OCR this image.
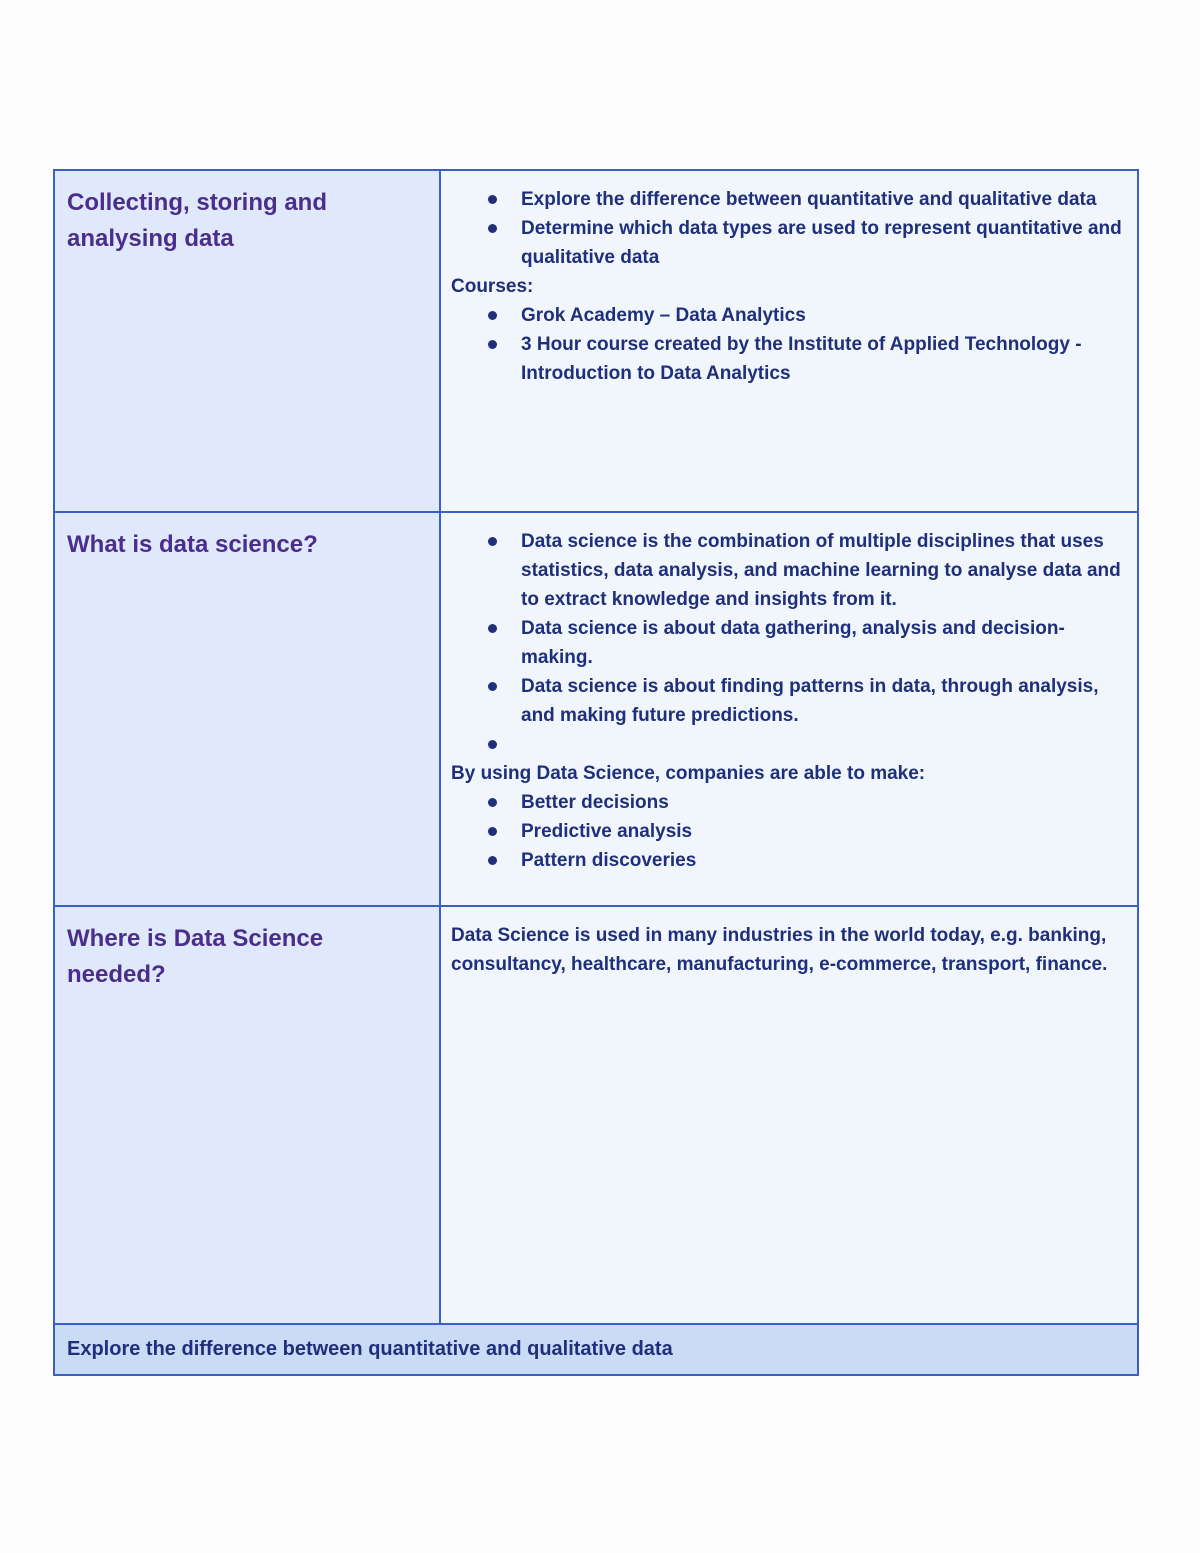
Collecting, storing and analysing data
Explore the difference between quantitative and qualitative data
Determine which data types are used to represent quantitative and qualitative data
Courses:
Grok Academy – Data Analytics
3 Hour course created by the Institute of Applied Technology - Introduction to Data Analytics
What is data science?	Data science is the combination of multiple disciplines that uses statistics, data analysis, and machine learning to analyse data and to extract knowledge and insights from it.
Data science is about data gathering, analysis and decision-making.
Data science is about finding patterns in data, through analysis, and making future predictions.
By using Data Science, companies are able to make:
Better decisions
Predictive analysis
Pattern discoveries
Where is Data Science needed?
Data Science is used in many industries in the world today, e.g. banking, consultancy, healthcare, manufacturing, e-commerce, transport, finance.
Explore the difference between quantitative and qualitative data
